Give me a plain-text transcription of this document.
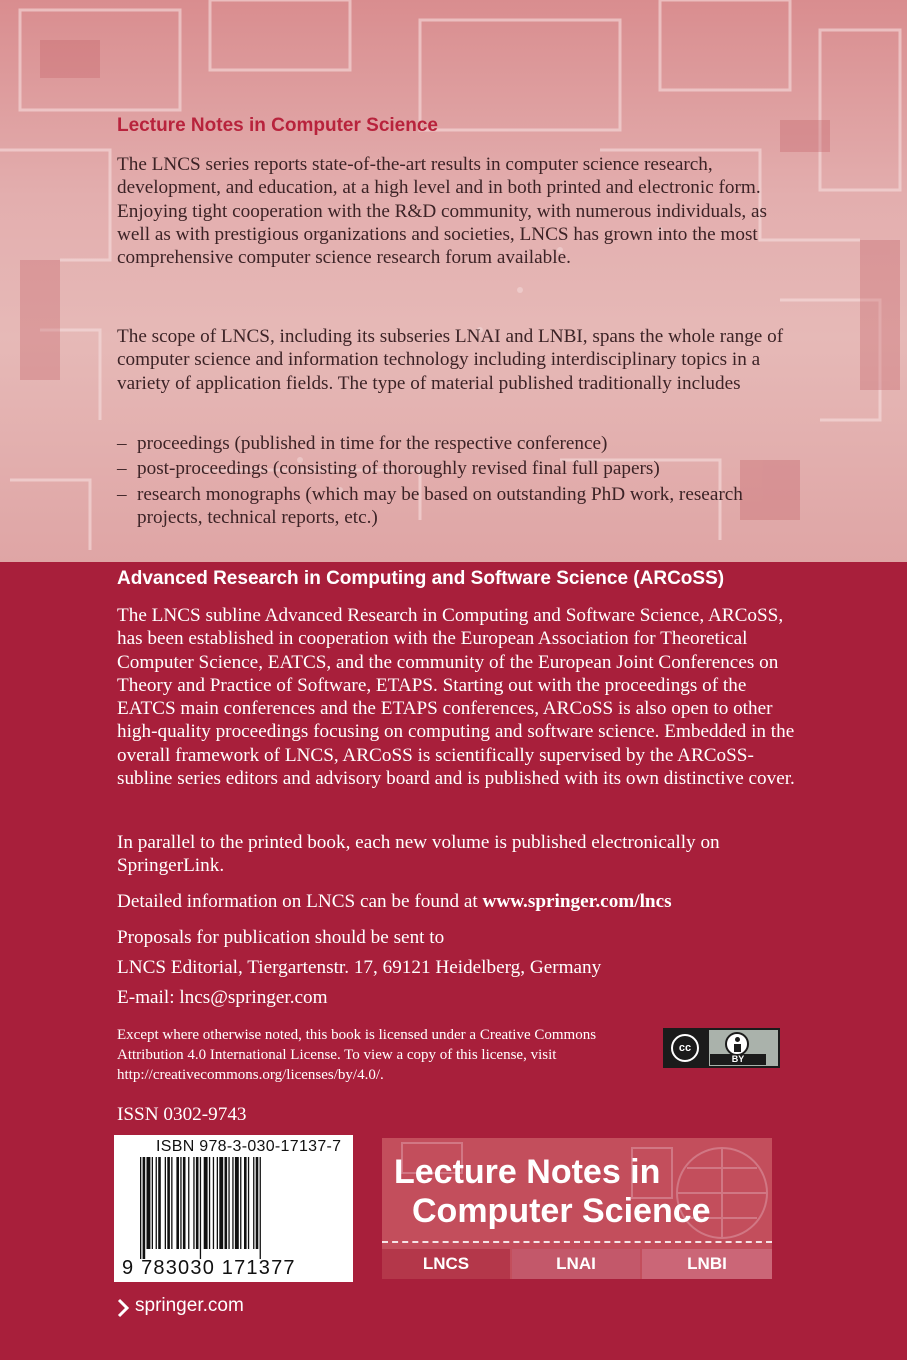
Lecture Notes in Computer Science
The LNCS series reports state-of-the-art results in computer science research, development, and education, at a high level and in both printed and electronic form. Enjoying tight cooperation with the R&D community, with numerous individuals, as well as with prestigious organizations and societies, LNCS has grown into the most comprehensive computer science research forum available.
The scope of LNCS, including its subseries LNAI and LNBI, spans the whole range of computer science and information technology including interdisciplinary topics in a variety of application fields. The type of material published traditionally includes
– proceedings (published in time for the respective conference)
– post-proceedings (consisting of thoroughly revised final full papers)
– research monographs (which may be based on outstanding PhD work, research projects, technical reports, etc.)
Advanced Research in Computing and Software Science (ARCoSS)
The LNCS subline Advanced Research in Computing and Software Science, ARCoSS, has been established in cooperation with the European Association for Theoretical Computer Science, EATCS, and the community of the European Joint Conferences on Theory and Practice of Software, ETAPS. Starting out with the proceedings of the EATCS main conferences and the ETAPS conferences, ARCoSS is also open to other high-quality proceedings focusing on computing and software science. Embedded in the overall framework of LNCS, ARCoSS is scientifically supervised by the ARCoSS-subline series editors and advisory board and is published with its own distinctive cover.
In parallel to the printed book, each new volume is published electronically on SpringerLink.
Detailed information on LNCS can be found at www.springer.com/lncs
Proposals for publication should be sent to
LNCS Editorial, Tiergartenstr. 17, 69121 Heidelberg, Germany
E-mail: lncs@springer.com
Except where otherwise noted, this book is licensed under a Creative Commons Attribution 4.0 International License. To view a copy of this license, visit http://creativecommons.org/licenses/by/4.0/.
cc
BY
ISSN 0302-9743
ISBN 978-3-030-17137-7
9 783030 171377
Lecture Notes in
Computer Science
LNCS	LNAI	LNBI
springer.com
